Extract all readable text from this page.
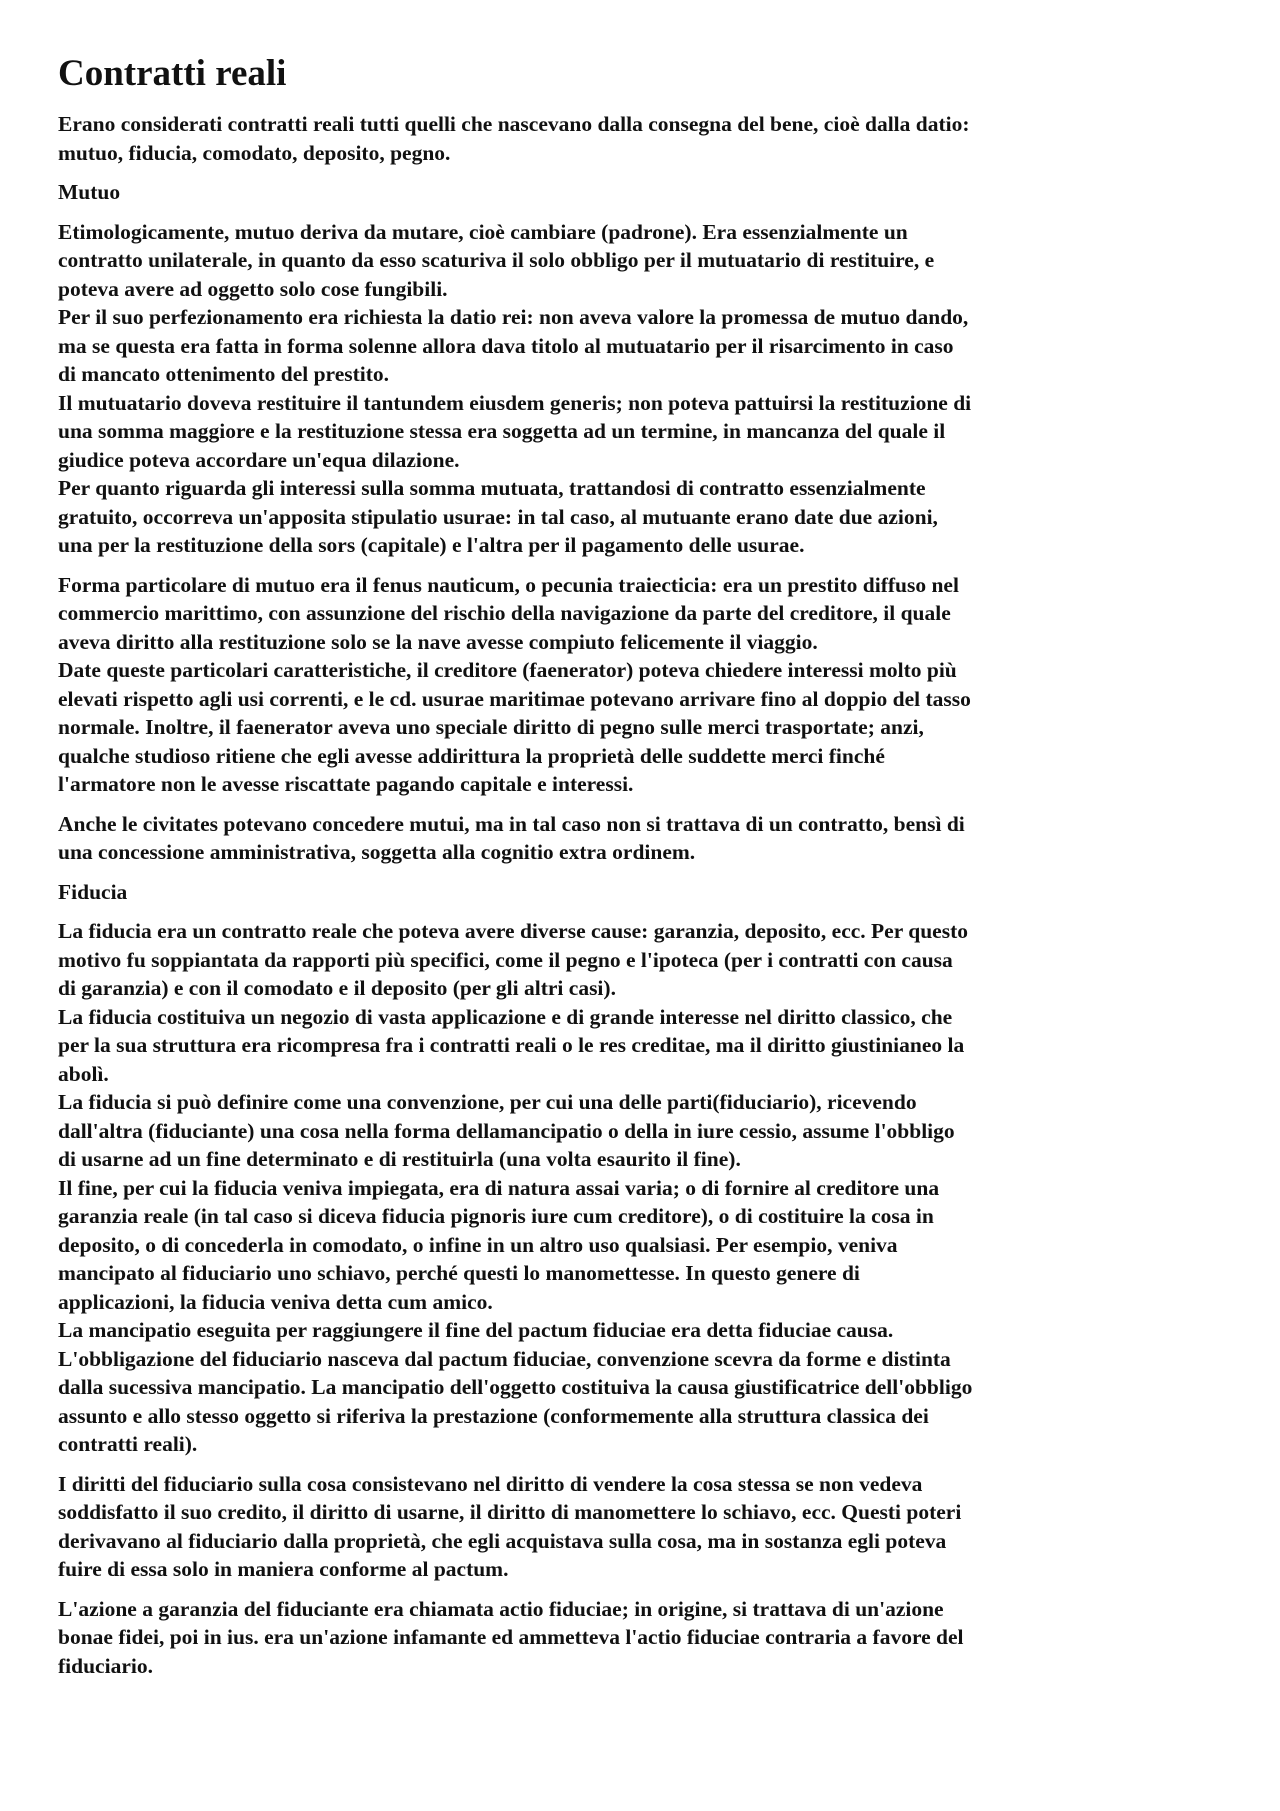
Contratti reali

Erano considerati contratti reali tutti quelli che nascevano dalla consegna del bene, cioè dalla datio:
mutuo, fiducia, comodato, deposito, pegno.

Mutuo

Etimologicamente, mutuo deriva da mutare, cioè cambiare (padrone). Era essenzialmente un
contratto unilaterale, in quanto da esso scaturiva il solo obbligo per il mutuatario di restituire, e
poteva avere ad oggetto solo cose fungibili.
Per il suo perfezionamento era richiesta la datio rei: non aveva valore la promessa de mutuo dando,
ma se questa era fatta in forma solenne allora dava titolo al mutuatario per il risarcimento in caso
di mancato ottenimento del prestito.
Il mutuatario doveva restituire il tantundem eiusdem generis; non poteva pattuirsi la restituzione di
una somma maggiore e la restituzione stessa era soggetta ad un termine, in mancanza del quale il
giudice poteva accordare un'equa dilazione.
Per quanto riguarda gli interessi sulla somma mutuata, trattandosi di contratto essenzialmente
gratuito, occorreva un'apposita stipulatio usurae: in tal caso, al mutuante erano date due azioni,
una per la restituzione della sors (capitale) e l'altra per il pagamento delle usurae.

Forma particolare di mutuo era il fenus nauticum, o pecunia traiecticia: era un prestito diffuso nel
commercio marittimo, con assunzione del rischio della navigazione da parte del creditore, il quale
aveva diritto alla restituzione solo se la nave avesse compiuto felicemente il viaggio.
Date queste particolari caratteristiche, il creditore (faenerator) poteva chiedere interessi molto più
elevati rispetto agli usi correnti, e le cd. usurae maritimae potevano arrivare fino al doppio del tasso
normale. Inoltre, il faenerator aveva uno speciale diritto di pegno sulle merci trasportate; anzi,
qualche studioso ritiene che egli avesse addirittura la proprietà delle suddette merci finché
l'armatore non le avesse riscattate pagando capitale e interessi.

Anche le civitates potevano concedere mutui, ma in tal caso non si trattava di un contratto, bensì di
una concessione amministrativa, soggetta alla cognitio extra ordinem.

Fiducia

La fiducia era un contratto reale che poteva avere diverse cause: garanzia, deposito, ecc. Per questo
motivo fu soppiantata da rapporti più specifici, come il pegno e l'ipoteca (per i contratti con causa
di garanzia) e con il comodato e il deposito (per gli altri casi).
La fiducia costituiva un negozio di vasta applicazione e di grande interesse nel diritto classico, che
per la sua struttura era ricompresa fra i contratti reali o le res creditae, ma il diritto giustinianeo la
abolì.
La fiducia si può definire come una convenzione, per cui una delle parti(fiduciario), ricevendo
dall'altra (fiduciante) una cosa nella forma dellamancipatio o della in iure cessio, assume l'obbligo
di usarne ad un fine determinato e di restituirla (una volta esaurito il fine).
Il fine, per cui la fiducia veniva impiegata, era di natura assai varia; o di fornire al creditore una
garanzia reale (in tal caso si diceva fiducia pignoris iure cum creditore), o di costituire la cosa in
deposito, o di concederla in comodato, o infine in un altro uso qualsiasi. Per esempio, veniva
mancipato al fiduciario uno schiavo, perché questi lo manomettesse. In questo genere di
applicazioni, la fiducia veniva detta cum amico.
La mancipatio eseguita per raggiungere il fine del pactum fiduciae era detta fiduciae causa.
L'obbligazione del fiduciario nasceva dal pactum fiduciae, convenzione scevra da forme e distinta
dalla sucessiva mancipatio. La mancipatio dell'oggetto costituiva la causa giustificatrice dell'obbligo
assunto e allo stesso oggetto si riferiva la prestazione (conformemente alla struttura classica dei
contratti reali).

I diritti del fiduciario sulla cosa consistevano nel diritto di vendere la cosa stessa se non vedeva
soddisfatto il suo credito, il diritto di usarne, il diritto di manomettere lo schiavo, ecc. Questi poteri
derivavano al fiduciario dalla proprietà, che egli acquistava sulla cosa, ma in sostanza egli poteva
fuire di essa solo in maniera conforme al pactum.

L'azione a garanzia del fiduciante era chiamata actio fiduciae; in origine, si trattava di un'azione
bonae fidei, poi in ius. era un'azione infamante ed ammetteva l'actio fiduciae contraria a favore del
fiduciario.
